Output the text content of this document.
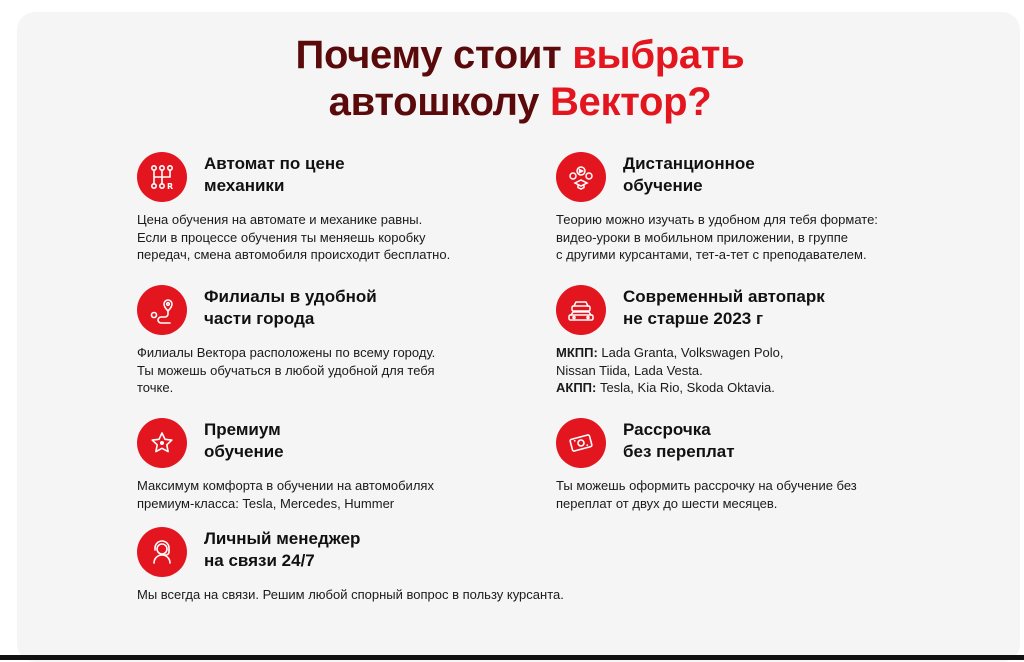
Почему стоит выбрать
автошколу Вектор?
R
Автомат по цене
механики
Цена обучения на автомате и механике равны.
Если в процессе обучения ты меняешь коробку
передач, смена автомобиля происходит бесплатно.
Дистанционное
обучение
Теорию можно изучать в удобном для тебя формате:
видео-уроки в мобильном приложении, в группе
с другими курсантами, тет-а-тет с преподавателем.
Филиалы в удобной
части города
Филиалы Вектора расположены по всему городу.
Ты можешь обучаться в любой удобной для тебя
точке.
Современный автопарк
не старше 2023 г
МКПП: Lada Granta, Volkswagen Polo,
Nissan Tiida, Lada Vesta.
АКПП: Tesla, Kia Rio, Skoda Oktavia.
Премиум
обучение
Максимум комфорта в обучении на автомобилях
премиум-класса: Tesla, Mercedes, Hummer
Рассрочка
без переплат
Ты можешь оформить рассрочку на обучение без
переплат от двух до шести месяцев.
Личный менеджер
на связи 24/7
Мы всегда на связи. Решим любой спорный вопрос в пользу курсанта.
